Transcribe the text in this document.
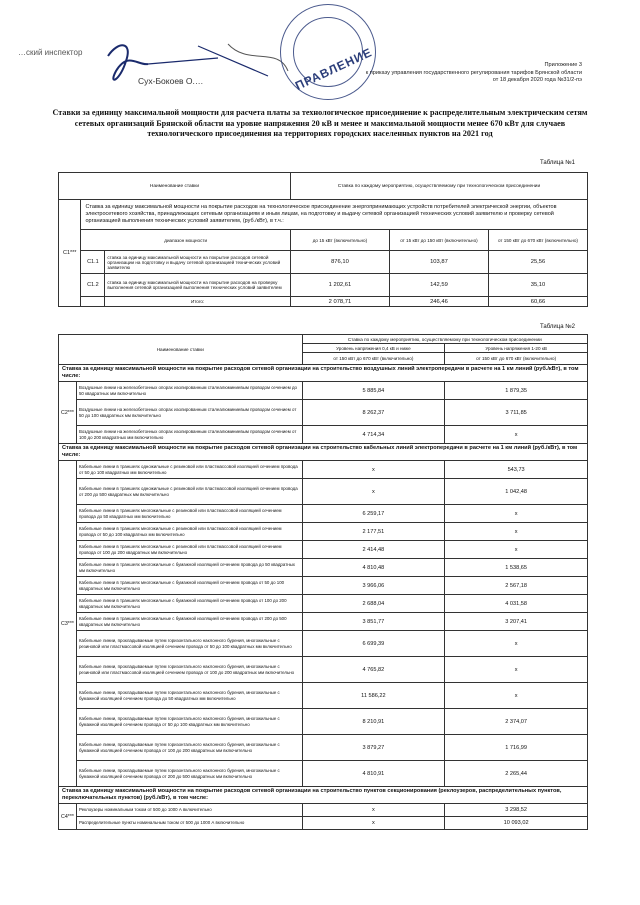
…ский инспектор
Сух-Бокоев О.…	ПРАВЛЕНИЕ	Приложение 3
к приказу управления государственного регулирования тарифов Брянской области
от 18 декабря 2020 года №31/2-пэ
Ставки за единицу максимальной мощности для расчета платы за технологическое присоединение к распределительным электрическим сетям сетевых организаций Брянской области на уровне напряжения 20 кВ и менее и максимальной мощности менее 670 кВт для случаев технологического присоединения на территориях городских населенных пунктов на 2021 год
Таблица №1
Наименование ставки			Ставка по каждому мероприятию, осуществляемому при технологическом присоединении		
C1***	Ставка за единицу максимальной мощности на покрытие расходов на технологическое присоединение энергопринимающих устройств потребителей электрической энергии, объектов электросетевого хозяйства, принадлежащих сетевым организациям и иным лицам, на подготовку и выдачу сетевой организацией технических условий заявителю и проверку сетевой организацией выполнения технических условий заявителем, (руб./кВт), в т.ч.:				
	диапазон мощности		до 15 кВт (включительно)	от 15 кВт до 150 кВт (включительно)	от 150 кВт до 670 кВт (включительно)
	C1.1	ставка за единицу максимальной мощности на покрытие расходов сетевой организации на подготовку и выдачу сетевой организацией технических условий заявителю	876,10	103,87	25,56
	C1.2	ставка за единицу максимальной мощности на покрытие расходов на проверку выполнения сетевой организацией выполнения технических условий заявителем	1 202,61	142,59	35,10
		Итого:	2 078,71	246,46	60,66
Таблица №2
Наименование ставки		Ставка по каждому мероприятию, осуществляемому при технологическом присоединении	
		Уровень напряжения 0,4 кВ и ниже	Уровень напряжения 1-20 кВ
		от 150 кВт до 670 кВт (включительно)	от 150 кВт до 670 кВт (включительно)
Ставка за единицу максимальной мощности на покрытие расходов сетевой организации на строительство воздушных линий электропередачи в расчете на 1 км линий (руб./кВт), в том числе:			
C2***	Воздушные линии на железобетонных опорах изолированным сталеалюминиевым проводом сечением до 50 квадратных мм включительно	5 885,84	1 879,35
	Воздушные линии на железобетонных опорах изолированным сталеалюминиевым проводом сечением от 50 до 100 квадратных мм включительно	8 262,37	3 711,85
	Воздушные линии на железобетонных опорах изолированным сталеалюминиевым проводом сечением от 100 до 200 квадратных мм включительно	4 714,34	х
Ставка за единицу максимальной мощности на покрытие расходов сетевой организации на строительство кабельных линий электропередачи в расчете на 1 км линий (руб./кВт), в том числе:			
C3***	Кабельные линии в траншеях одножильные с резиновой или пластмассовой изоляцией сечением провода от 50 до 100 квадратных мм включительно	х	543,73
	Кабельные линии в траншеях одножильные с резиновой или пластмассовой изоляцией сечением провода от 200 до 500 квадратных мм включительно	х	1 042,48
	Кабельные линии в траншеях многожильные с резиновой или пластмассовой изоляцией сечением провода до 50 квадратных мм включительно	6 259,17	х
	Кабельные линии в траншеях многожильные с резиновой или пластмассовой изоляцией сечением провода от 50 до 100 квадратных мм включительно	2 177,51	х
	Кабельные линии в траншеях многожильные с резиновой или пластмассовой изоляцией сечением провода от 100 до 200 квадратных мм включительно	2 414,48	х
	Кабельные линии в траншеях многожильные с бумажной изоляцией сечением провода до 50 квадратных мм включительно	4 810,48	1 538,65
	Кабельные линии в траншеях многожильные с бумажной изоляцией сечением провода от 50 до 100 квадратных мм включительно	3 966,06	2 567,18
	Кабельные линии в траншеях многожильные с бумажной изоляцией сечением провода от 100 до 200 квадратных мм включительно	2 688,04	4 031,58
	Кабельные линии в траншеях многожильные с бумажной изоляцией сечением провода от 200 до 500 квадратных мм включительно	3 851,77	3 207,41
	Кабельные линии, прокладываемые путем горизонтального наклонного бурения, многожильные с резиновой или пластмассовой изоляцией сечением провода от 50 до 100 квадратных мм включительно	6 699,39	х
	Кабельные линии, прокладываемые путем горизонтального наклонного бурения, многожильные с резиновой или пластмассовой изоляцией сечением провода от 100 до 200 квадратных мм включительно	4 765,82	х
	Кабельные линии, прокладываемые путем горизонтального наклонного бурения, многожильные с бумажной изоляцией сечением провода до 50 квадратных мм включительно	11 586,22	х
	Кабельные линии, прокладываемые путем горизонтального наклонного бурения, многожильные с бумажной изоляцией сечением провода от 50 до 100 квадратных мм включительно	8 210,91	2 374,07
	Кабельные линии, прокладываемые путем горизонтального наклонного бурения, многожильные с бумажной изоляцией сечением провода от 100 до 200 квадратных мм включительно	3 879,27	1 716,99
	Кабельные линии, прокладываемые путем горизонтального наклонного бурения, многожильные с бумажной изоляцией сечением провода от 200 до 500 квадратных мм включительно	4 810,91	2 265,44
Ставка за единицу максимальной мощности на покрытие расходов сетевой организации на строительство пунктов секционирования (реклоузеров, распределительных пунктов, переключательных пунктов) (руб./кВт), в том числе:			
C4***	Реклоузеры номинальным током от 500 до 1000 А включительно	х	3 298,52
	Распределительные пункты номинальным током от 500 до 1000 А включительно	х	10 093,02
